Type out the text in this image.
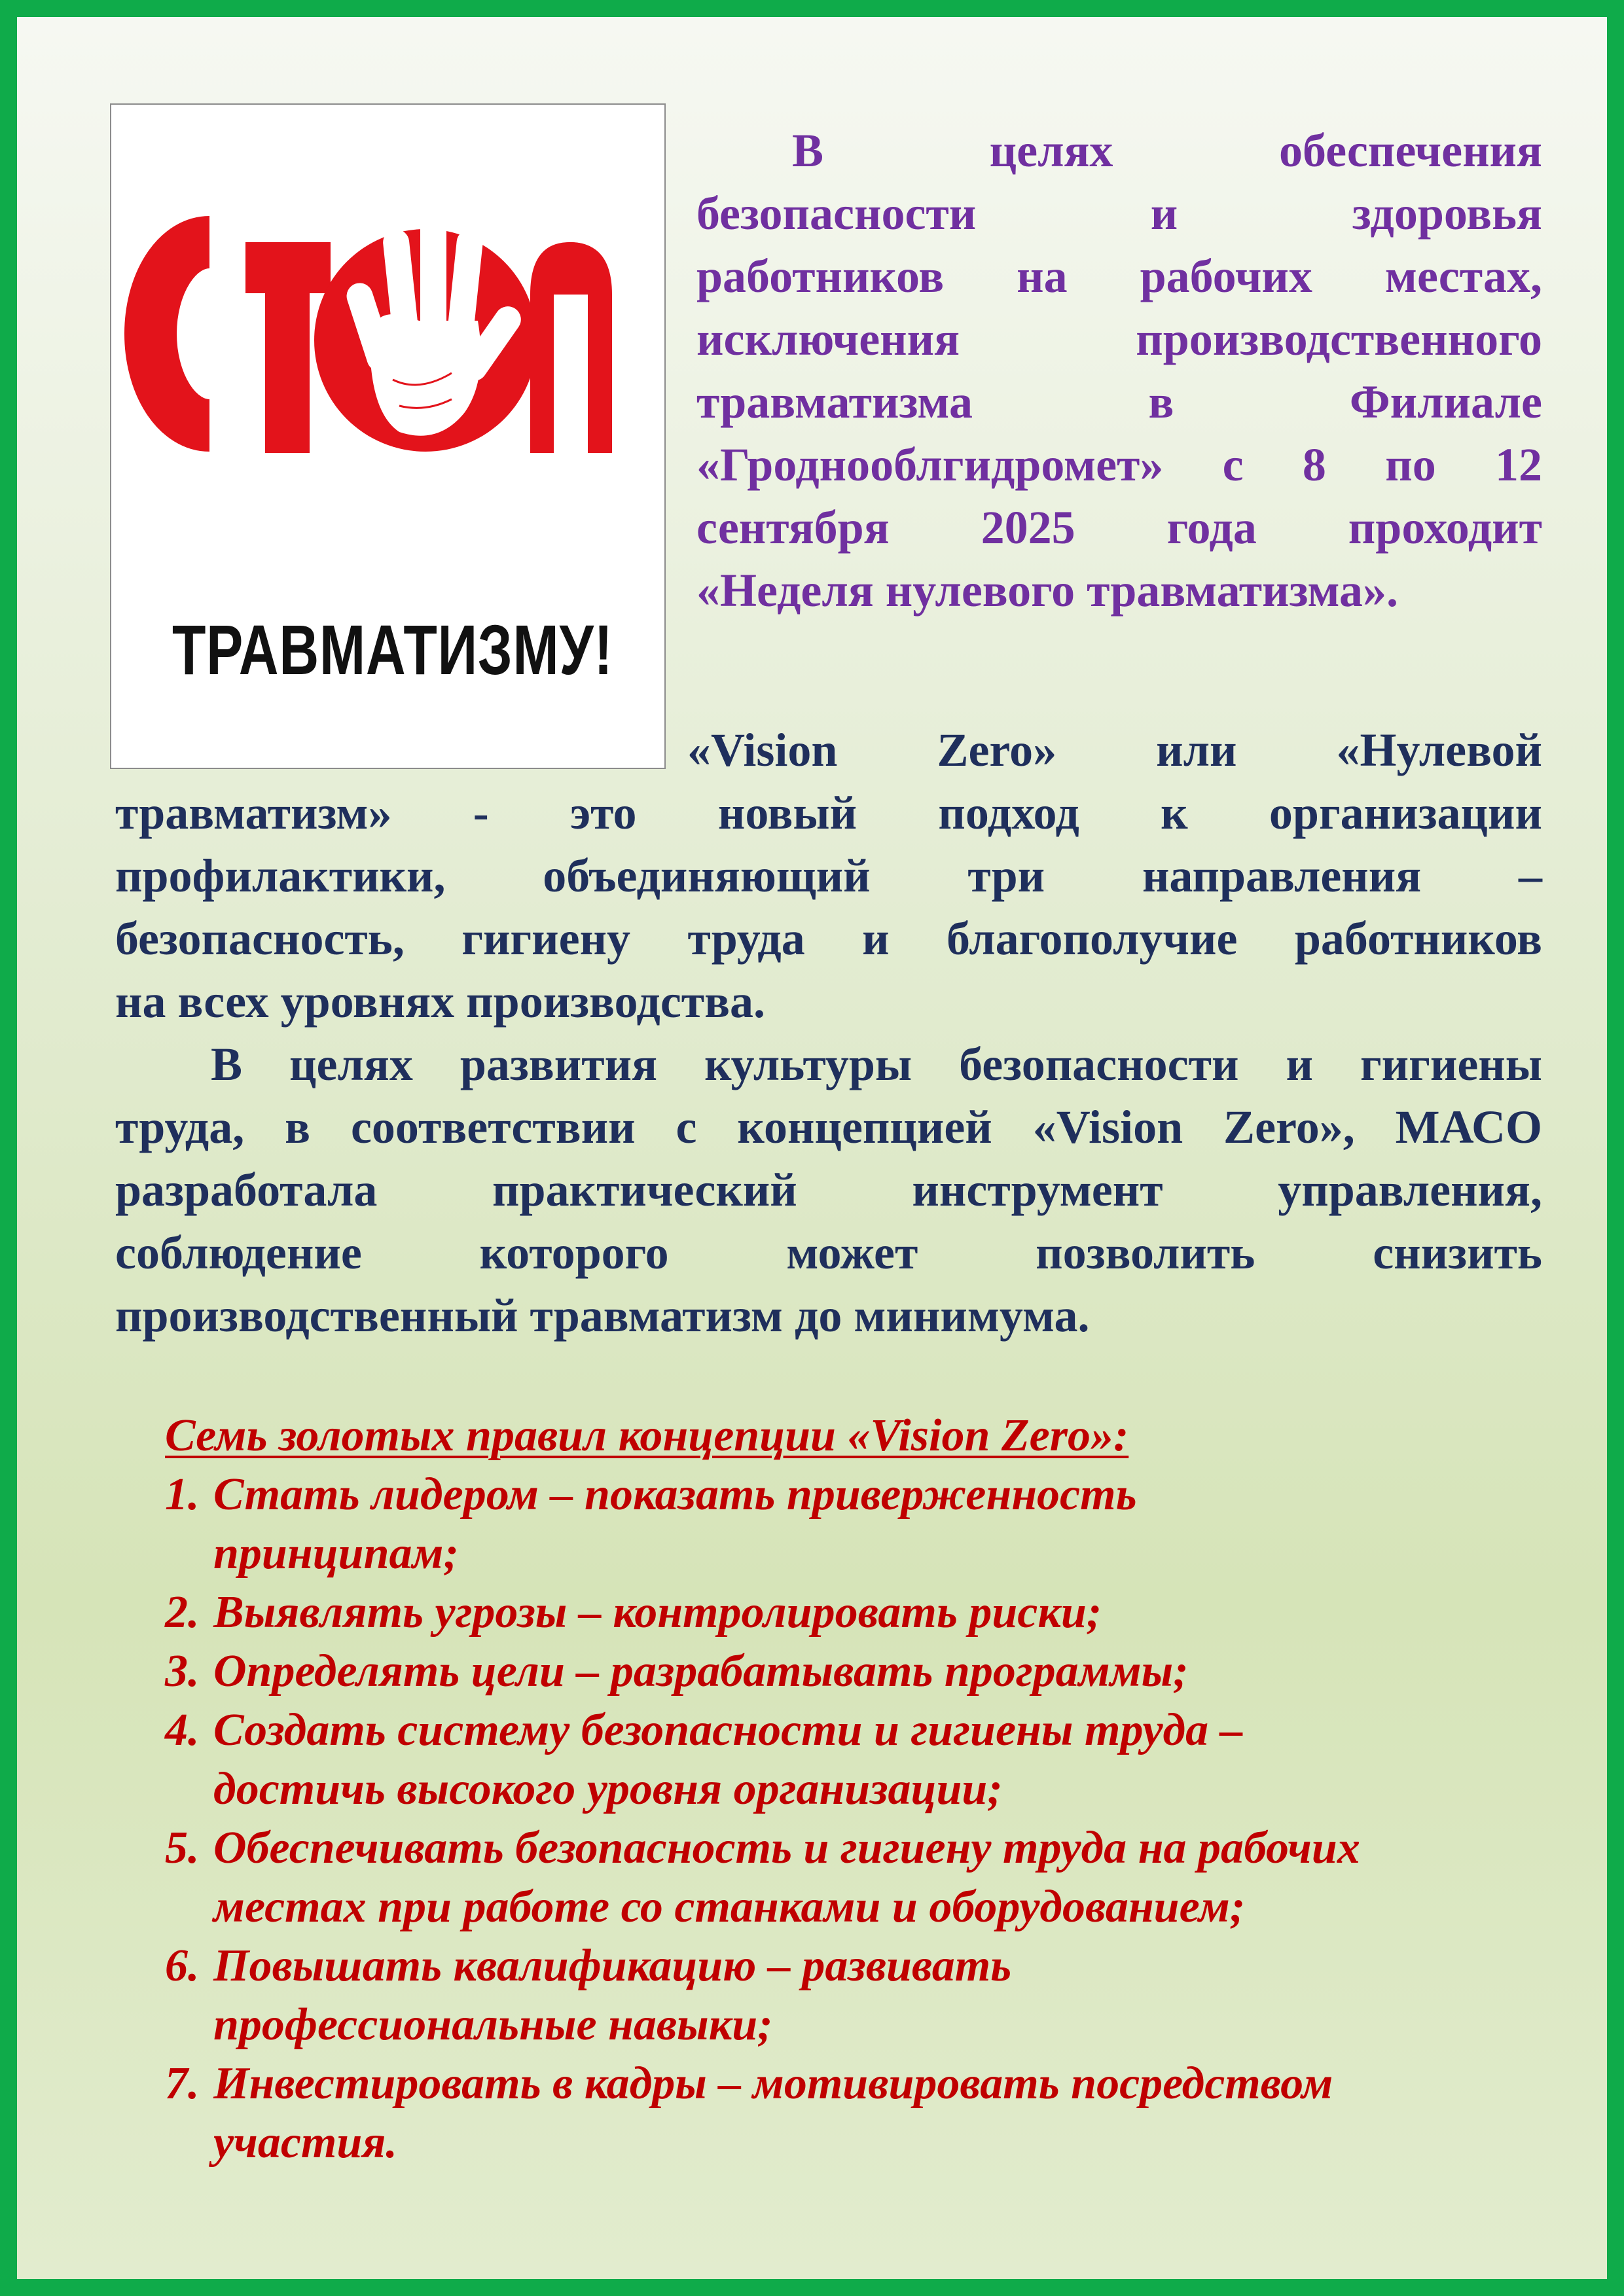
ТРАВМАТИЗМУ!

В целях обеспечения

безопасности и здоровья

работников на рабочих местах,

исключения производственного

травматизма в Филиале

«Гроднооблгидромет» с 8 по 12

сентября 2025 года проходит

«Неделя нулевого травматизма».

«Vision Zero» или «Нулевой

травматизм» - это новый подход к организации

профилактики, объединяющий три направления –

безопасность, гигиену труда и благополучие работников

на всех уровнях производства.

В целях развития культуры безопасности и гигиены

труда, в соответствии с концепцией «Vision Zero», МАСО

разработала практический инструмент управления,

соблюдение которого может позволить снизить

производственный травматизм до минимума.

Семь золотых правил концепции «Vision Zero»:

1. Стать лидером – показать приверженность

принципам;

2. Выявлять угрозы – контролировать риски;

3. Определять цели – разрабатывать программы;

4. Создать систему безопасности и гигиены труда –

достичь высокого уровня организации;

5. Обеспечивать безопасность и гигиену труда на рабочих

местах при работе со станками и оборудованием;

6. Повышать квалификацию – развивать

профессиональные навыки;

7. Инвестировать в кадры – мотивировать посредством

участия.
